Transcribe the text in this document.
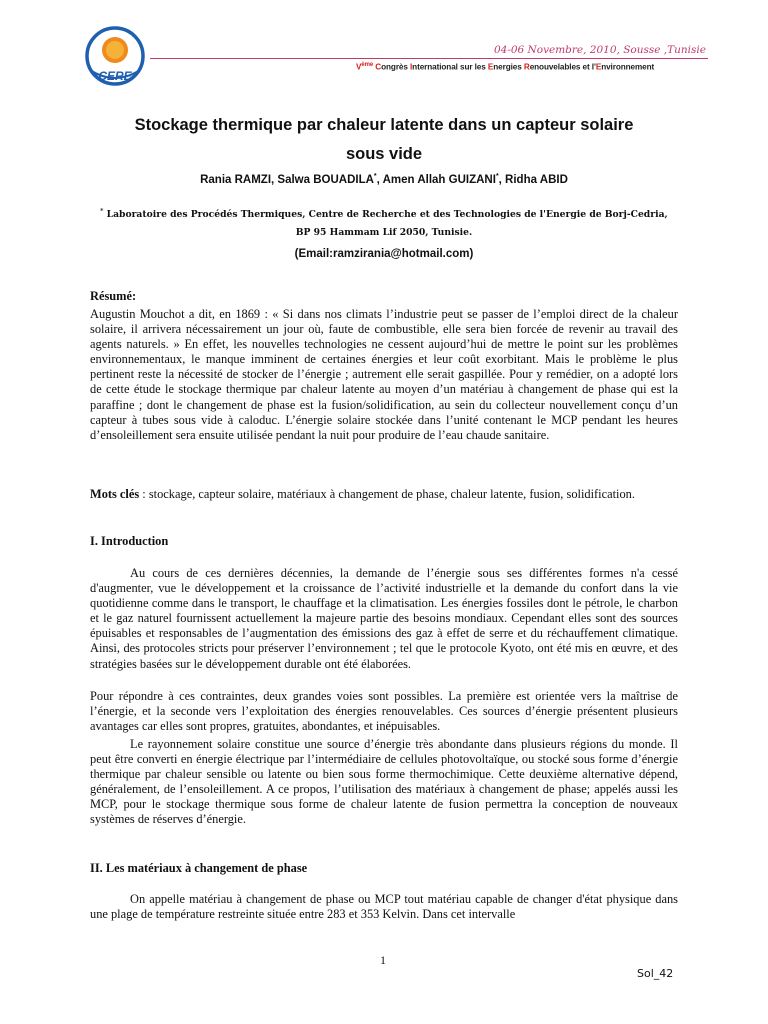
CERE
04-06 Novembre, 2010, Sousse ,Tunisie
Vème Congrès International sur les Energies Renouvelables et l'Environnement
Stockage thermique par chaleur latente dans un capteur solaire
sous vide
Rania RAMZI, Salwa BOUADILA*, Amen Allah GUIZANI*, Ridha ABID
* Laboratoire des Procédés Thermiques, Centre de Recherche et des Technologies de l'Energie de Borj-Cedria,
BP 95 Hammam Lif 2050, Tunisie.
(Email:ramzirania@hotmail.com)
Résumé:
Augustin Mouchot a dit, en 1869 : « Si dans nos climats l’industrie peut se passer de l’emploi direct de la chaleur solaire, il arrivera nécessairement un jour où, faute de combustible, elle sera bien forcée de revenir au travail des agents naturels. » En effet, les nouvelles technologies ne cessent aujourd’hui de mettre le point sur les problèmes environnementaux, le manque imminent de certaines énergies et leur coût exorbitant. Mais le problème le plus pertinent reste la nécessité de stocker de l’énergie ; autrement elle serait gaspillée. Pour y remédier, on a adopté lors de cette étude le stockage thermique par chaleur latente au moyen d’un matériau à changement de phase qui est la paraffine ; dont le changement de phase est la fusion/solidification, au sein du collecteur nouvellement conçu d’un capteur à tubes sous vide à caloduc. L’énergie solaire stockée dans l’unité contenant le MCP pendant les heures d’ensoleillement sera ensuite utilisée pendant la nuit pour produire de l’eau chaude sanitaire.
Mots clés : stockage, capteur solaire, matériaux à changement de phase, chaleur latente, fusion, solidification.
I. Introduction
Au cours de ces dernières décennies, la demande de l’énergie sous ses différentes formes n'a cessé d'augmenter, vue le développement et la croissance de l’activité industrielle et la demande du confort dans la vie quotidienne comme dans le transport, le chauffage et la climatisation. Les énergies fossiles dont le pétrole, le charbon et le gaz naturel fournissent actuellement la majeure partie des besoins mondiaux. Cependant elles sont des sources épuisables et responsables de l’augmentation des émissions des gaz à effet de serre et du réchauffement climatique. Ainsi, des protocoles stricts pour préserver l’environnement ; tel que le protocole Kyoto, ont été mis en œuvre, et des stratégies basées sur le développement durable ont été élaborées.
Pour répondre à ces contraintes, deux grandes voies sont possibles. La première est orientée vers la maîtrise de l’énergie, et la seconde vers l’exploitation des énergies renouvelables. Ces sources d’énergie présentent plusieurs avantages car elles sont propres, gratuites, abondantes, et inépuisables.
Le rayonnement solaire constitue une source d’énergie très abondante dans plusieurs régions du monde. Il peut être converti en énergie électrique par l’intermédiaire de cellules photovoltaïque, ou stocké sous forme d’énergie thermique par chaleur sensible ou latente ou bien sous forme thermochimique. Cette deuxième alternative dépend, généralement, de l’ensoleillement. A ce propos, l’utilisation des matériaux à changement de phase; appelés aussi les MCP, pour le stockage thermique sous forme de chaleur latente de fusion permettra la conception de nouveaux systèmes de réserves d’énergie.
II. Les matériaux à changement de phase
On appelle matériau à changement de phase ou MCP tout matériau capable de changer d'état physique dans une plage de température restreinte située entre 283 et 353 Kelvin. Dans cet intervalle
1
Sol_42
